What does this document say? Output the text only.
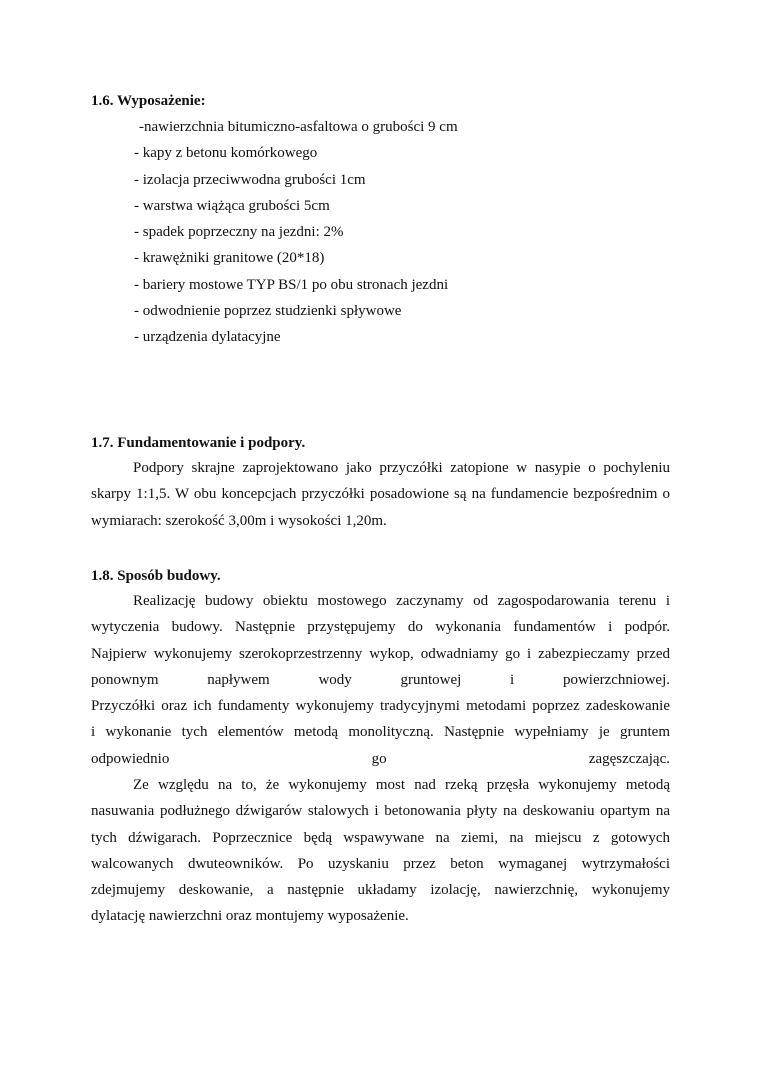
1.6. Wyposażenie:
-nawierzchnia bitumiczno-asfaltowa o grubości 9 cm
- kapy z betonu komórkowego
- izolacja przeciwwodna grubości 1cm
- warstwa wiążąca grubości 5cm
- spadek poprzeczny na jezdni: 2%
- krawężniki granitowe (20*18)
- bariery mostowe TYP BS/1 po obu stronach jezdni
- odwodnienie poprzez studzienki spływowe
- urządzenia dylatacyjne
1.7. Fundamentowanie i podpory.
Podpory skrajne zaprojektowano jako przyczółki zatopione w nasypie o pochyleniu
skarpy 1:1,5. W obu koncepcjach przyczółki posadowione są na fundamencie bezpośrednim o
wymiarach: szerokość 3,00m i wysokości 1,20m.
1.8. Sposób budowy.
Realizację budowy obiektu mostowego zaczynamy od zagospodarowania terenu i
wytyczenia budowy. Następnie przystępujemy do wykonania fundamentów i podpór.
Najpierw wykonujemy szerokoprzestrzenny wykop, odwadniamy go i zabezpieczamy przed
ponownym napływem wody gruntowej i powierzchniowej.
Przyczółki oraz ich fundamenty wykonujemy tradycyjnymi metodami poprzez zadeskowanie
i wykonanie tych elementów metodą monolityczną. Następnie wypełniamy je gruntem
odpowiednio go zagęszczając.
Ze względu na to, że wykonujemy most nad rzeką przęsła wykonujemy metodą
nasuwania podłużnego dźwigarów stalowych i betonowania płyty na deskowaniu opartym na
tych dźwigarach. Poprzecznice będą wspawywane na ziemi, na miejscu z gotowych
walcowanych dwuteowników. Po uzyskaniu przez beton wymaganej wytrzymałości
zdejmujemy deskowanie, a następnie układamy izolację, nawierzchnię, wykonujemy
dylatację nawierzchni oraz montujemy wyposażenie.
